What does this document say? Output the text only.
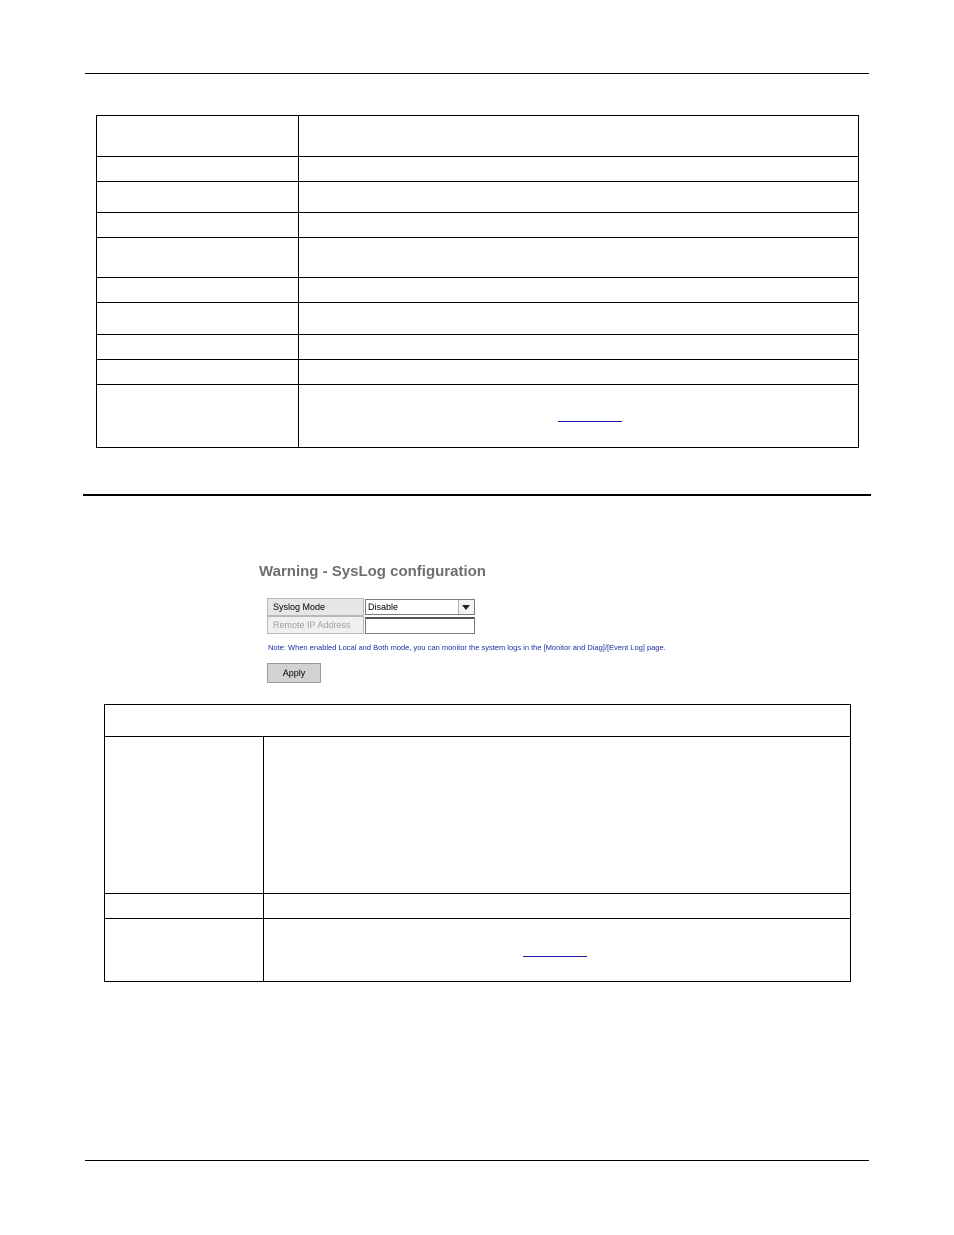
Warning - SysLog configuration
Syslog Mode	Disable
Remote IP Address
Note: When enabled Local and Both mode, you can monitor the system logs in the [Monitor and Diag]/[Event Log] page.
Apply
